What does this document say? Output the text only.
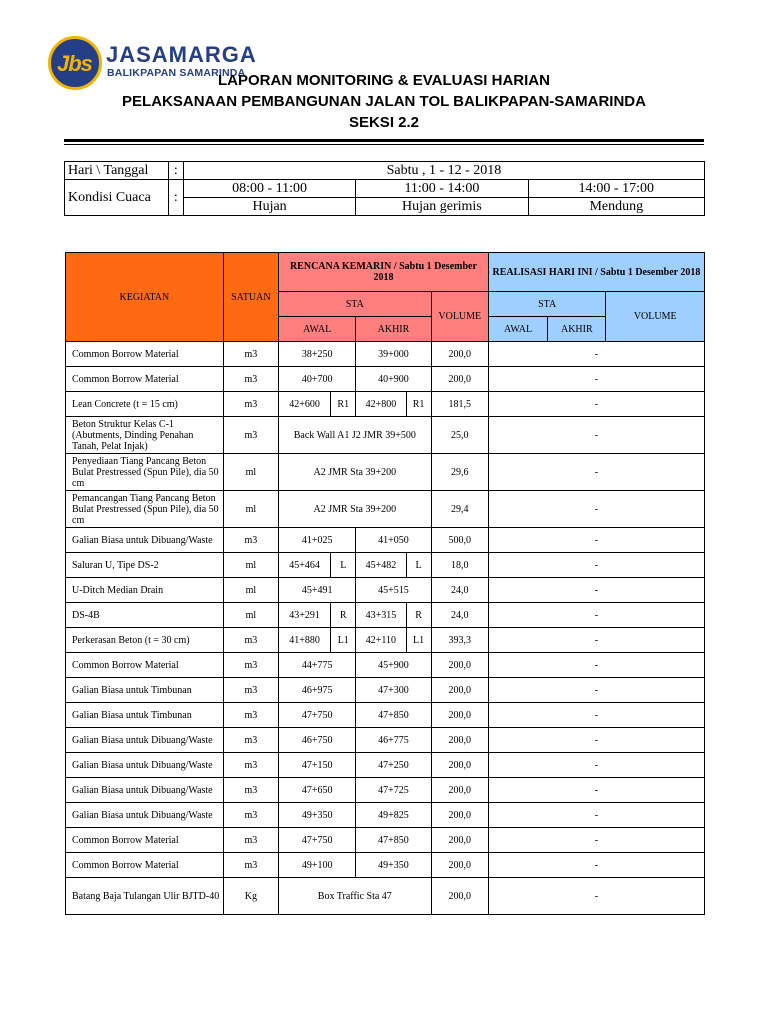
Jbs JASAMARGA
BALIKPAPAN SAMARINDA
LAPORAN MONITORING & EVALUASI HARIAN
PELAKSANAAN PEMBANGUNAN JALAN TOL BALIKPAPAN-SAMARINDA
SEKSI 2.2
Hari \ Tanggal	:	Sabtu , 1 - 12 - 2018		
Kondisi Cuaca	:	08:00 - 11:00	11:00 - 14:00	14:00 - 17:00
		Hujan	Hujan gerimis	Mendung
KEGIATAN	SATUAN	RENCANA KEMARIN / Sabtu 1 Desember 2018					REALISASI HARI INI / Sabtu 1 Desember 2018		
		STA				VOLUME	STA		VOLUME
		AWAL		AKHIR			AWAL	AKHIR	
Common Borrow Material	m3	38+250		39+000		200,0	-		
Common Borrow Material	m3	40+700		40+900		200,0	-		
Lean Concrete (t = 15 cm)	m3	42+600	R1	42+800	R1	181,5	-		
Beton Struktur Kelas C-1 (Abutments, Dinding Penahan Tanah, Pelat Injak)	m3	Back Wall A1 J2 JMR 39+500				25,0	-		
Penyediaan Tiang Pancang Beton Bulat Prestressed (Spun Pile), dia 50 cm	ml	A2 JMR Sta 39+200				29,6	-		
Pemancangan Tiang Pancang Beton Bulat Prestressed (Spun Pile), dia 50 cm	ml	A2 JMR Sta 39+200				29,4	-		
Galian Biasa untuk Dibuang/Waste	m3	41+025		41+050		500,0	-		
Saluran U, Tipe DS-2	ml	45+464	L	45+482	L	18,0	-		
U-Ditch Median Drain	ml	45+491		45+515		24,0	-		
DS-4B	ml	43+291	R	43+315	R	24,0	-		
Perkerasan Beton (t = 30 cm)	m3	41+880	L1	42+110	L1	393,3	-		
Common Borrow Material	m3	44+775		45+900		200,0	-		
Galian Biasa untuk Timbunan	m3	46+975		47+300		200,0	-		
Galian Biasa untuk Timbunan	m3	47+750		47+850		200,0	-		
Galian Biasa untuk Dibuang/Waste	m3	46+750		46+775		200,0	-		
Galian Biasa untuk Dibuang/Waste	m3	47+150		47+250		200,0	-		
Galian Biasa untuk Dibuang/Waste	m3	47+650		47+725		200,0	-		
Galian Biasa untuk Dibuang/Waste	m3	49+350		49+825		200,0	-		
Common Borrow Material	m3	47+750		47+850		200,0	-		
Common Borrow Material	m3	49+100		49+350		200,0	-		
Batang Baja Tulangan Ulir BJTD-40	Kg	Box Traffic Sta 47				200,0	-		
